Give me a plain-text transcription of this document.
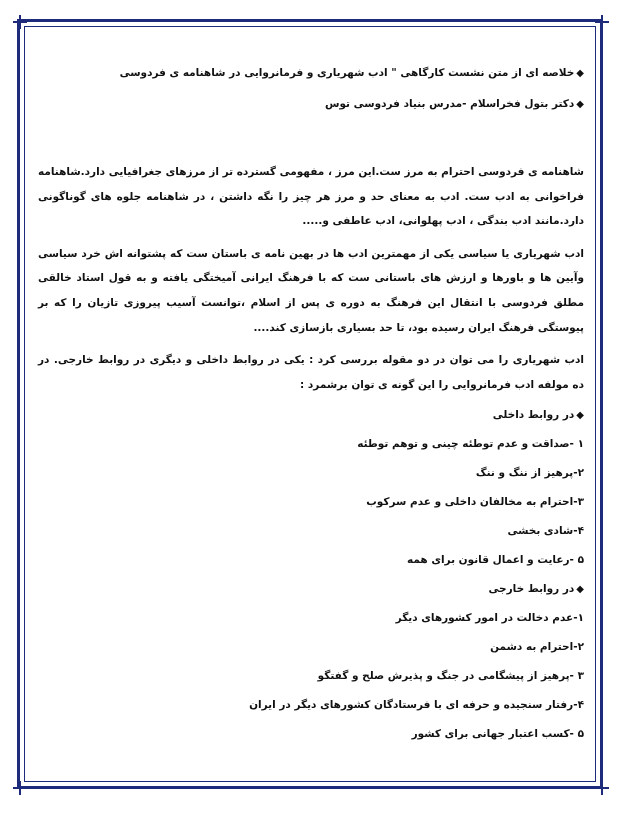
◆خلاصه ای از متن نشست کارگاهی " ادب شهریاری و فرمانروایی در شاهنامه ی فردوسی

◆دکتر بتول فخراسلام -مدرس بنیاد فردوسی توس

شاهنامه ی فردوسی احترام به مرز ست.این مرز ، مفهومی گسترده تر از مرزهای جغرافیایی دارد.شاهنامه فراخوانی به ادب ست. ادب به معنای حد و مرز هر چیز را نگه داشتن ، در شاهنامه جلوه های گوناگونی دارد.مانند ادب بندگی ، ادب پهلوانی، ادب عاطفی و.....

ادب شهریاری یا سیاسی یکی از مهمترین ادب ها در بهین نامه ی باستان ست که پشتوانه اش خرد سیاسی وآیین ها و باورها و ارزش های باستانی ست که با فرهنگ ایرانی آمیختگی یافته و به قول استاد خالقی مطلق فردوسی با انتقال این فرهنگ به دوره ی پس از اسلام ،توانست آسیب پیروزی تازیان را که بر پیوستگی فرهنگ ایران رسیده بود، تا حد بسیاری بازسازی کند....

ادب شهریاری را می توان در دو مقوله بررسی کرد : یکی در روابط داخلی و دیگری در روابط خارجی. در ده مولفه ادب فرمانروایی را این گونه ی توان برشمرد :

◆در روابط داخلی

۱ -صداقت و عدم توطئه چینی و توهم توطئه

۲-پرهیز از ننگ و ننگ

۳-احترام به مخالفان داخلی و عدم سرکوب

۴-شادی بخشی

۵ -رعایت و اعمال قانون برای همه

◆در روابط خارجی

۱-عدم دخالت در امور کشورهای دیگر

۲-احترام به دشمن

۳ -پرهیز از پیشگامی در جنگ و پذیرش صلح و گفتگو

۴-رفتار سنجیده و حرفه ای با فرستادگان کشورهای دیگر در ایران

۵ -کسب اعتبار جهانی برای کشور
